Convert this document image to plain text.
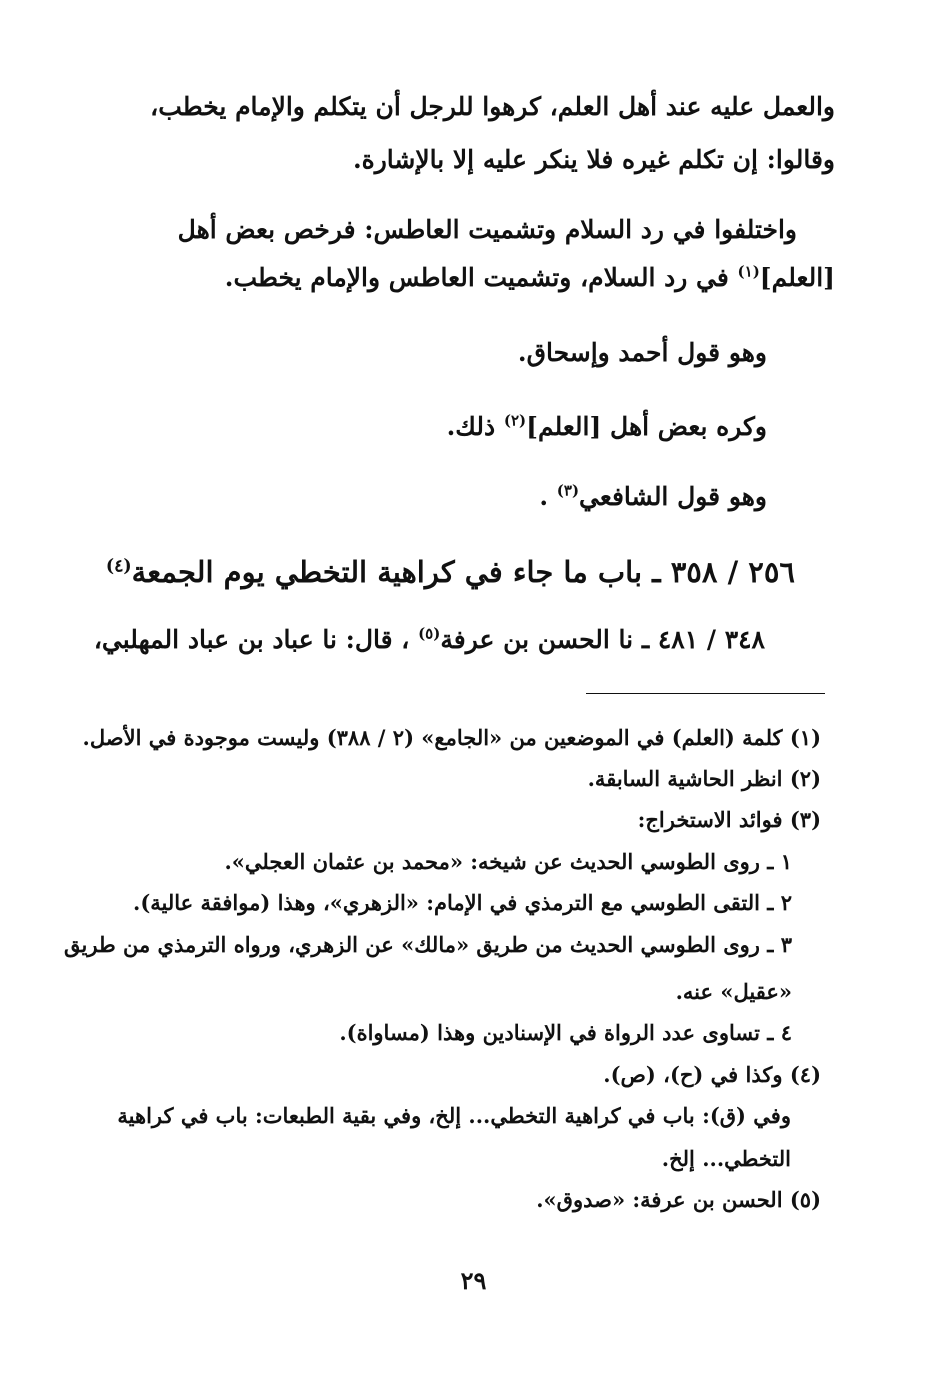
والعمل عليه عند أهل العلم، كرهوا للرجل أن يتكلم والإمام يخطب،
وقالوا: إن تكلم غيره فلا ينكر عليه إلا بالإشارة.
واختلفوا في رد السلام وتشميت العاطس: فرخص بعض أهل
[العلم]$^{(١)}$ في رد السلام، وتشميت العاطس والإمام يخطب.
وهو قول أحمد وإسحاق.
وكره بعض أهل [العلم]$^{(٢)}$ ذلك.
وهو قول الشافعي$^{(٣)}$ .
٢٥٦ / ٣٥٨ ـ باب ما جاء في كراهية التخطي يوم الجمعة$^{(٤)}$
٣٤٨ / ٤٨١ ـ نا الحسن بن عرفة$^{(٥)}$ ، قال: نا عباد بن عباد المهلبي،
(١) كلمة (العلم) في الموضعين من «الجامع» (٢ / ٣٨٨) وليست موجودة في الأصل.
(٢) انظر الحاشية السابقة.
(٣) فوائد الاستخراج:
١ ـ روى الطوسي الحديث عن شيخه: «محمد بن عثمان العجلي».
٢ ـ التقى الطوسي مع الترمذي في الإمام: «الزهري»، وهذا (موافقة عالية).
٣ ـ روى الطوسي الحديث من طريق «مالك» عن الزهري، ورواه الترمذي من طريق
«عقيل» عنه.
٤ ـ تساوى عدد الرواة في الإسنادين وهذا (مساواة).
(٤) وكذا في (ح)، (ص).
وفي (ق): باب في كراهية التخطي... إلخ، وفي بقية الطبعات: باب في كراهية
التخطي... إلخ.
(٥) الحسن بن عرفة: «صدوق».
٢٩
